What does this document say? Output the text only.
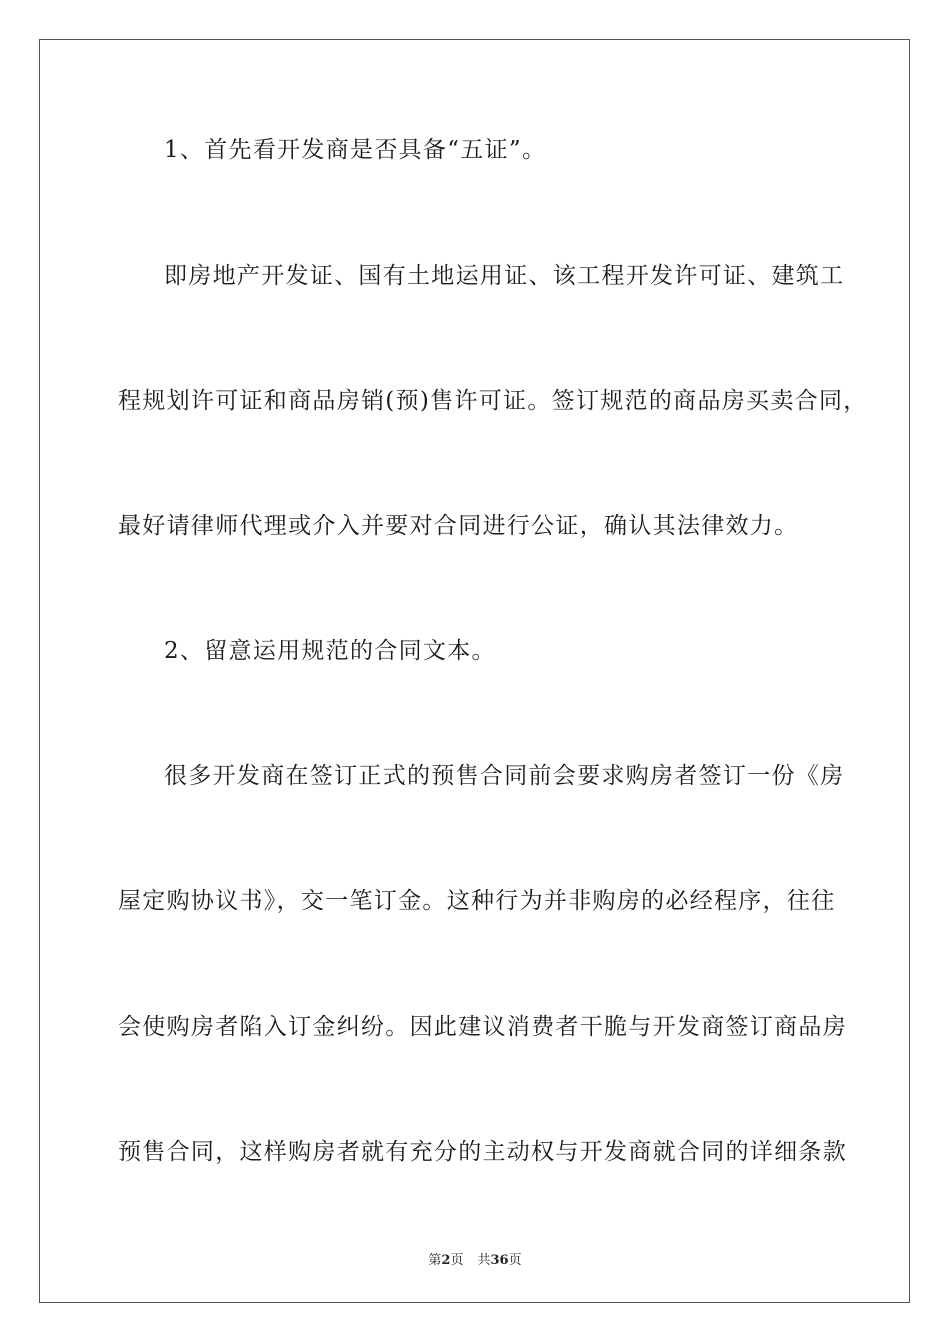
1、首先看开发商是否具备“五证”。
即房地产开发证、国有土地运用证、该工程开发许可证、建筑工
程规划许可证和商品房销(预)售许可证。签订规范的商品房买卖合同，
最好请律师代理或介入并要对合同进行公证，确认其法律效力。
2、留意运用规范的合同文本。
很多开发商在签订正式的预售合同前会要求购房者签订一份《房
屋定购协议书》，交一笔订金。这种行为并非购房的必经程序，往往
会使购房者陷入订金纠纷。因此建议消费者干脆与开发商签订商品房
预售合同，这样购房者就有充分的主动权与开发商就合同的详细条款
第2页 共36页
